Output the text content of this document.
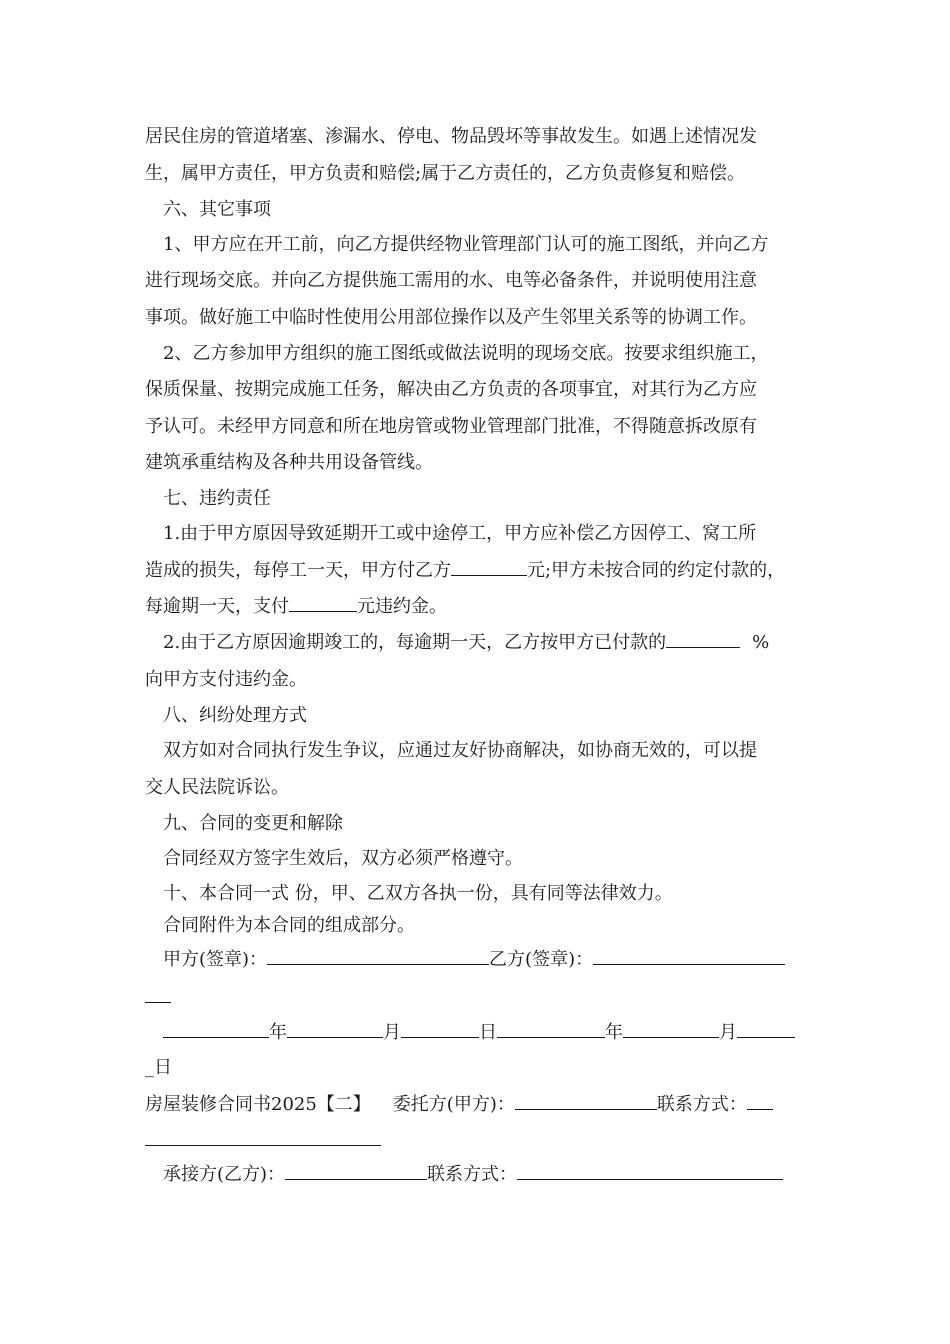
居民住房的管道堵塞、渗漏水、停电、物品毁坏等事故发生。如遇上述情况发
生，属甲方责任，甲方负责和赔偿;属于乙方责任的，乙方负责修复和赔偿。
六、其它事项
1、甲方应在开工前，向乙方提供经物业管理部门认可的施工图纸，并向乙方
进行现场交底。并向乙方提供施工需用的水、电等必备条件，并说明使用注意
事项。做好施工中临时性使用公用部位操作以及产生邻里关系等的协调工作。
2、乙方参加甲方组织的施工图纸或做法说明的现场交底。按要求组织施工，
保质保量、按期完成施工任务，解决由乙方负责的各项事宜，对其行为乙方应
予认可。未经甲方同意和所在地房管或物业管理部门批准，不得随意拆改原有
建筑承重结构及各种共用设备管线。
七、违约责任
1.由于甲方原因导致延期开工或中途停工，甲方应补偿乙方因停工、窝工所
造成的损失，每停工一天，甲方付乙方	元;甲方未按合同的约定付款的，
每逾期一天，支付	元违约金。
2.由于乙方原因逾期竣工的，每逾期一天，乙方按甲方已付款的	%
向甲方支付违约金。
八、纠纷处理方式
双方如对合同执行发生争议，应通过友好协商解决，如协商无效的，可以提
交人民法院诉讼。
九、合同的变更和解除
合同经双方签字生效后，双方必须严格遵守。
十、本合同一式 份，甲、乙双方各执一份，具有同等法律效力。
合同附件为本合同的组成部分。
甲方(签章)：	乙方(签章)：
年	月	日	年	月
_日
房屋装修合同书2025【二】 委托方(甲方)：	联系方式：
承接方(乙方)：	联系方式：
